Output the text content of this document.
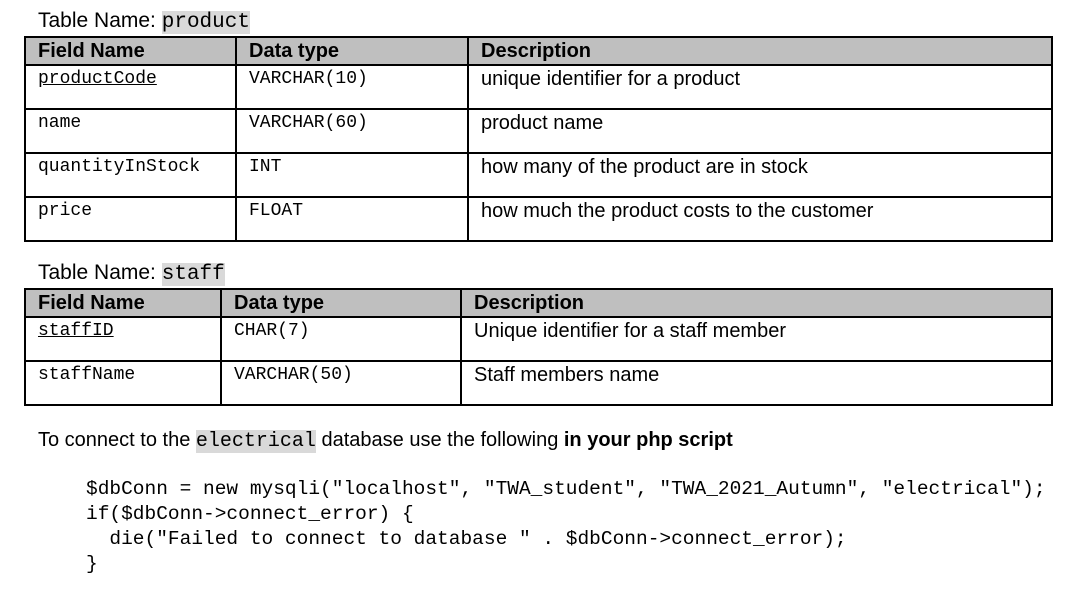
Table Name: product
Field Name	Data type	Description
productCode	VARCHAR(10)	unique identifier for a product
name	VARCHAR(60)	product name
quantityInStock	INT	how many of the product are in stock
price	FLOAT	how much the product costs to the customer
Table Name: staff
Field Name	Data type	Description
staffID	CHAR(7)	Unique identifier for a staff member
staffName	VARCHAR(50)	Staff members name
To connect to the electrical database use the following in your php script
$dbConn = new mysqli("localhost", "TWA_student", "TWA_2021_Autumn", "electrical");
if($dbConn->connect_error) {
die("Failed to connect to database " . $dbConn->connect_error);
}
